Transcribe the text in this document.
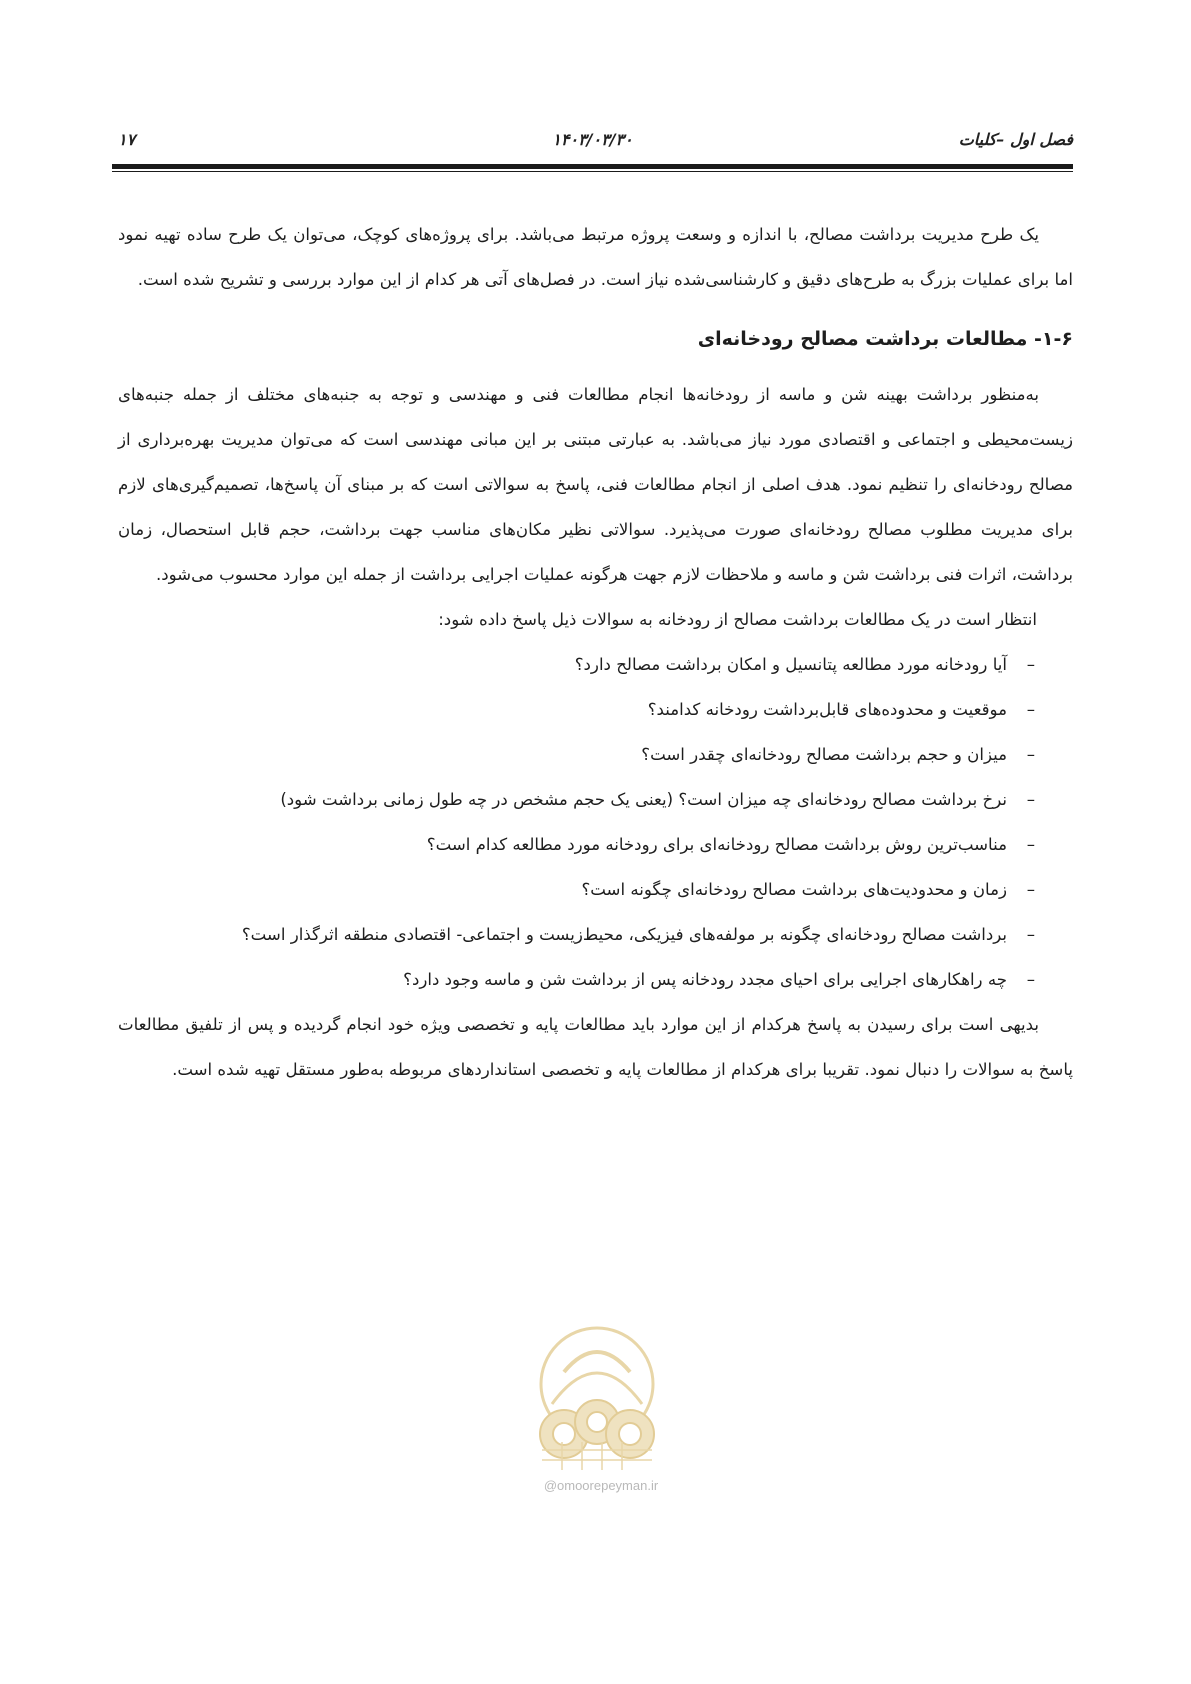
فصل اول –کلیات
۱۴۰۳/۰۳/۳۰
۱۷

یک طرح مدیریت برداشت مصالح، با اندازه و وسعت پروژه مرتبط می‌باشد. برای پروژه‌های کوچک، می‌توان یک طرح ساده تهیه نمود اما برای عملیات بزرگ به طرح‌های دقیق و کارشناسی‌شده نیاز است. در فصل‌های آتی هر کدام از این موارد بررسی و تشریح شده است.

۱-۶- مطالعات برداشت مصالح رودخانه‌ای

به‌منظور برداشت بهینه شن و ماسه از رودخانه‌ها انجام مطالعات فنی و مهندسی و توجه به جنبه‌های مختلف از جمله جنبه‌های زیست‌محیطی و اجتماعی و اقتصادی مورد نیاز می‌باشد. به عبارتی مبتنی بر این مبانی مهندسی است که می‌توان مدیریت بهره‌برداری از مصالح رودخانه‌ای را تنظیم نمود. هدف اصلی از انجام مطالعات فنی، پاسخ به سوالاتی است که بر مبنای آن پاسخ‌ها، تصمیم‌گیری‌های لازم برای مدیریت مطلوب مصالح رودخانه‌ای صورت می‌پذیرد. سوالاتی نظیر مکان‌های مناسب جهت برداشت، حجم قابل استحصال، زمان برداشت، اثرات فنی برداشت شن و ماسه و ملاحظات لازم جهت هرگونه عملیات اجرایی برداشت از جمله این موارد محسوب می‌شود.

انتظار است در یک مطالعات برداشت مصالح از رودخانه به سوالات ذیل پاسخ داده شود:

–
آیا رودخانه مورد مطالعه پتانسیل و امکان برداشت مصالح دارد؟
–
موقعیت و محدوده‌های قابل‌برداشت رودخانه کدامند؟
–
میزان و حجم برداشت مصالح رودخانه‌ای چقدر است؟
–
نرخ برداشت مصالح رودخانه‌ای چه میزان است؟ (یعنی یک حجم مشخص در چه طول زمانی برداشت شود)
–
مناسب‌ترین روش برداشت مصالح رودخانه‌ای برای رودخانه مورد مطالعه کدام است؟
–
زمان و محدودیت‌های برداشت مصالح رودخانه‌ای چگونه است؟
–
برداشت مصالح رودخانه‌ای چگونه بر مولفه‌های فیزیکی، محیط‌زیست و اجتماعی- اقتصادی منطقه اثرگذار است؟
–
چه راهکارهای اجرایی برای احیای مجدد رودخانه پس از برداشت شن و ماسه وجود دارد؟

بدیهی است برای رسیدن به پاسخ هرکدام از این موارد باید مطالعات پایه و تخصصی ویژه خود انجام گردیده و پس از تلفیق مطالعات پاسخ به سوالات را دنبال نمود. تقریبا برای هرکدام از مطالعات پایه و تخصصی استانداردهای مربوطه به‌طور مستقل تهیه شده است.

@omoorepeyman.ir
